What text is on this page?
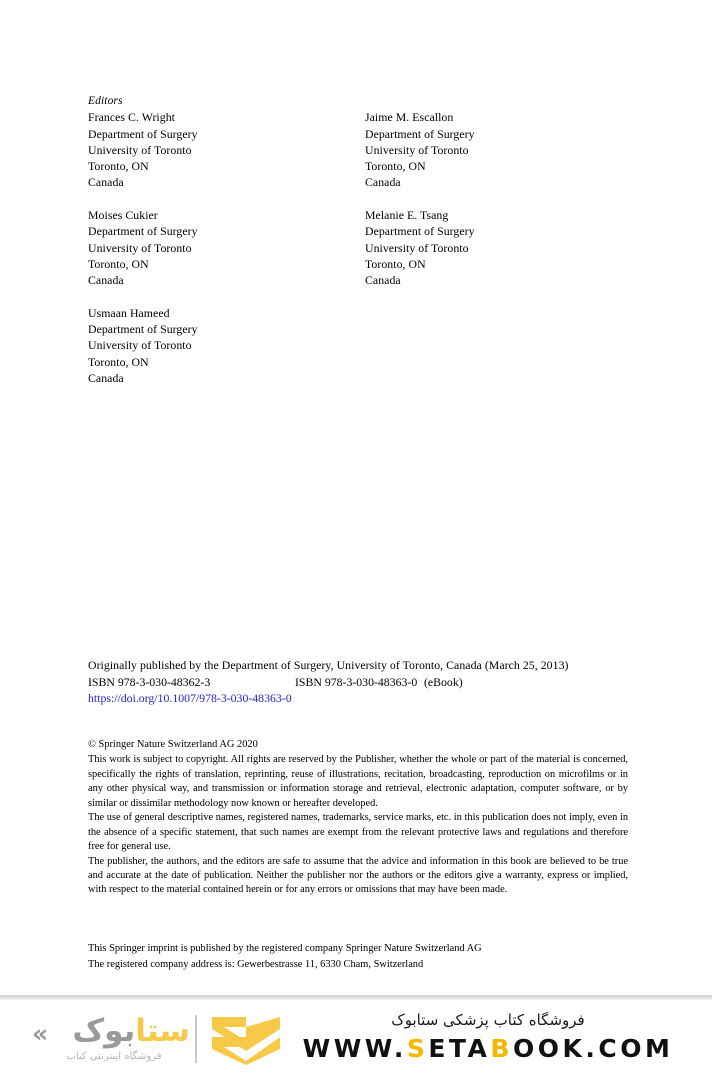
Editors
Frances C. Wright
Department of Surgery
University of Toronto
Toronto, ON
Canada
Moises Cukier
Department of Surgery
University of Toronto
Toronto, ON
Canada
Usmaan Hameed
Department of Surgery
University of Toronto
Toronto, ON
Canada
Jaime M. Escallon
Department of Surgery
University of Toronto
Toronto, ON
Canada
Melanie E. Tsang
Department of Surgery
University of Toronto
Toronto, ON
Canada

Originally published by the Department of Surgery, University of Toronto, Canada (March 25, 2013)

ISBN 978-3-030-48362-3	ISBN 978-3-030-48363-0 (eBook)
https://doi.org/10.1007/978-3-030-48363-0

© Springer Nature Switzerland AG 2020

This work is subject to copyright. All rights are reserved by the Publisher, whether the whole or part of the material is concerned, specifically the rights of translation, reprinting, reuse of illustrations, recitation, broadcasting, reproduction on microfilms or in any other physical way, and transmission or information storage and retrieval, electronic adaptation, computer software, or by similar or dissimilar methodology now known or hereafter developed.

The use of general descriptive names, registered names, trademarks, service marks, etc. in this publication does not imply, even in the absence of a specific statement, that such names are exempt from the relevant protective laws and regulations and therefore free for general use.

The publisher, the authors, and the editors are safe to assume that the advice and information in this book are believed to be true and accurate at the date of publication. Neither the publisher nor the authors or the editors give a warranty, express or implied, with respect to the material contained herein or for any errors or omissions that may have been made.

This Springer imprint is published by the registered company Springer Nature Switzerland AG
The registered company address is: Gewerbestrasse 11, 6330 Cham, Switzerland
«	ستابوک
فروشگاه اینترنتی کتاب
فروشگاه کتاب پزشکی ستابوک
WWW.SETABOOK.COM
